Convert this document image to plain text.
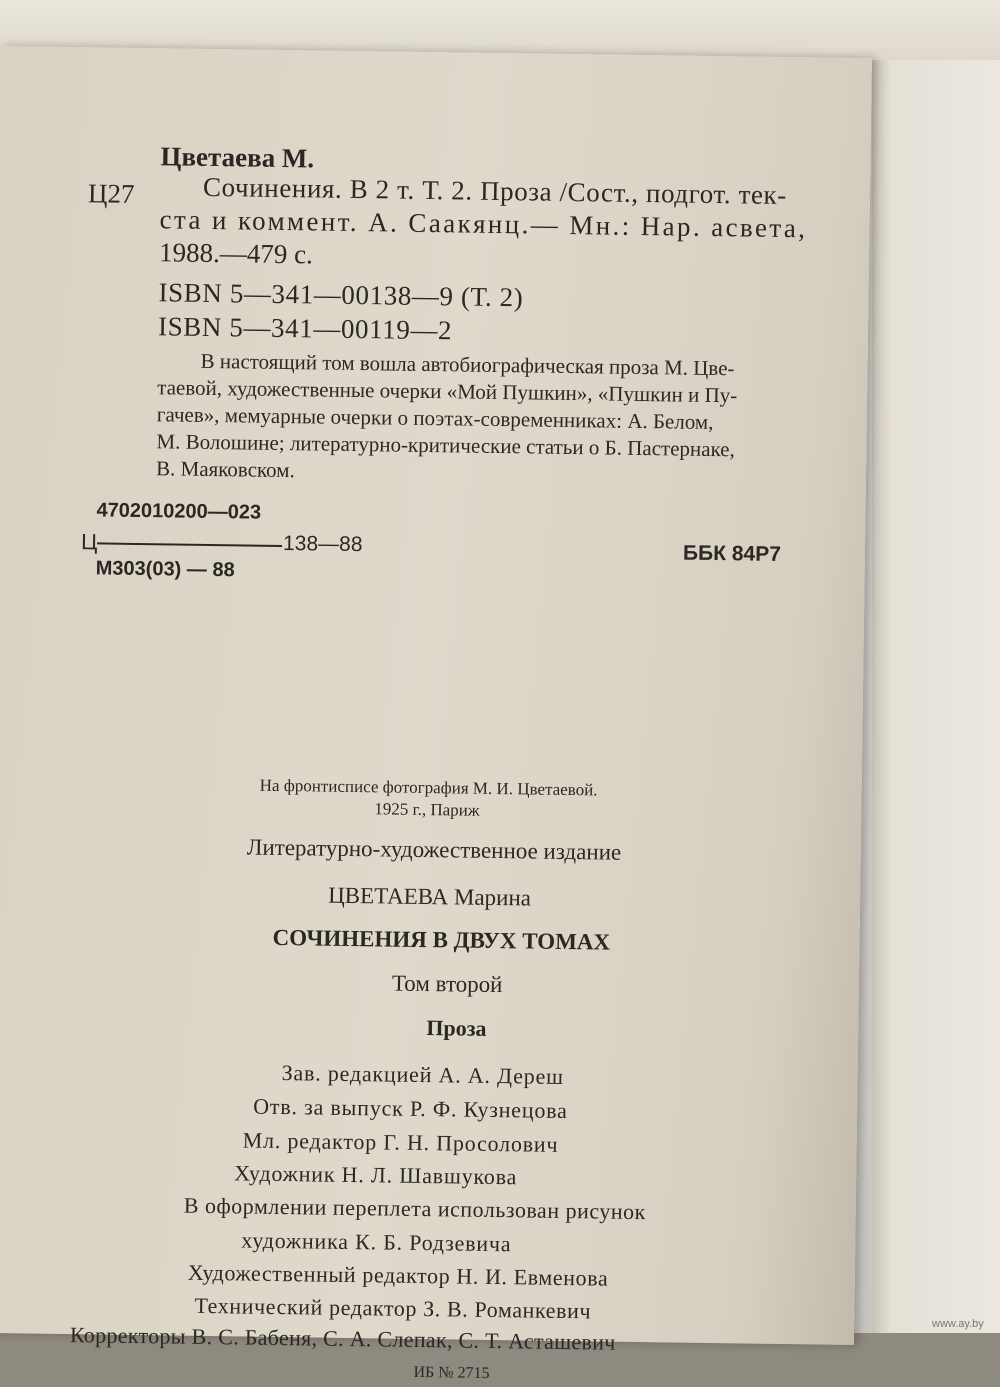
Цветаева М.
Ц27	Сочинения. В 2 т. Т. 2. Проза /Сост., подгот. тек-
ста и коммент. А. Саакянц.— Мн.: Нар. асвета,
1988.—479 с.
ISBN 5—341—00138—9 (Т. 2)
ISBN 5—341—00119—2
В настоящий том вошла автобиографическая проза М. Цве-
таевой, художественные очерки «Мой Пушкин», «Пушкин и Пу-
гачев», мемуарные очерки о поэтах-современниках: А. Белом,
М. Волошине; литературно-критические статьи о Б. Пастернаке,
В. Маяковском.
4702010200—023
Ц	138—88
М303(03) — 88
ББК 84Р7
На фронтисписе фотография М. И. Цветаевой.
1925 г., Париж
Литературно-художественное издание
ЦВЕТАЕВА Марина
СОЧИНЕНИЯ В ДВУХ ТОМАХ
Том второй
Проза
Зав. редакцией А. А. Дереш
Отв. за выпуск Р. Ф. Кузнецова
Мл. редактор Г. Н. Просолович
Художник Н. Л. Шавшукова
В оформлении переплета использован рисунок
художника К. Б. Родзевича
Художественный редактор Н. И. Евменова
Технический редактор З. В. Романкевич
Корректоры В. С. Бабеня, С. А. Слепак, С. Т. Асташевич
ИБ № 2715
www.ay.by
